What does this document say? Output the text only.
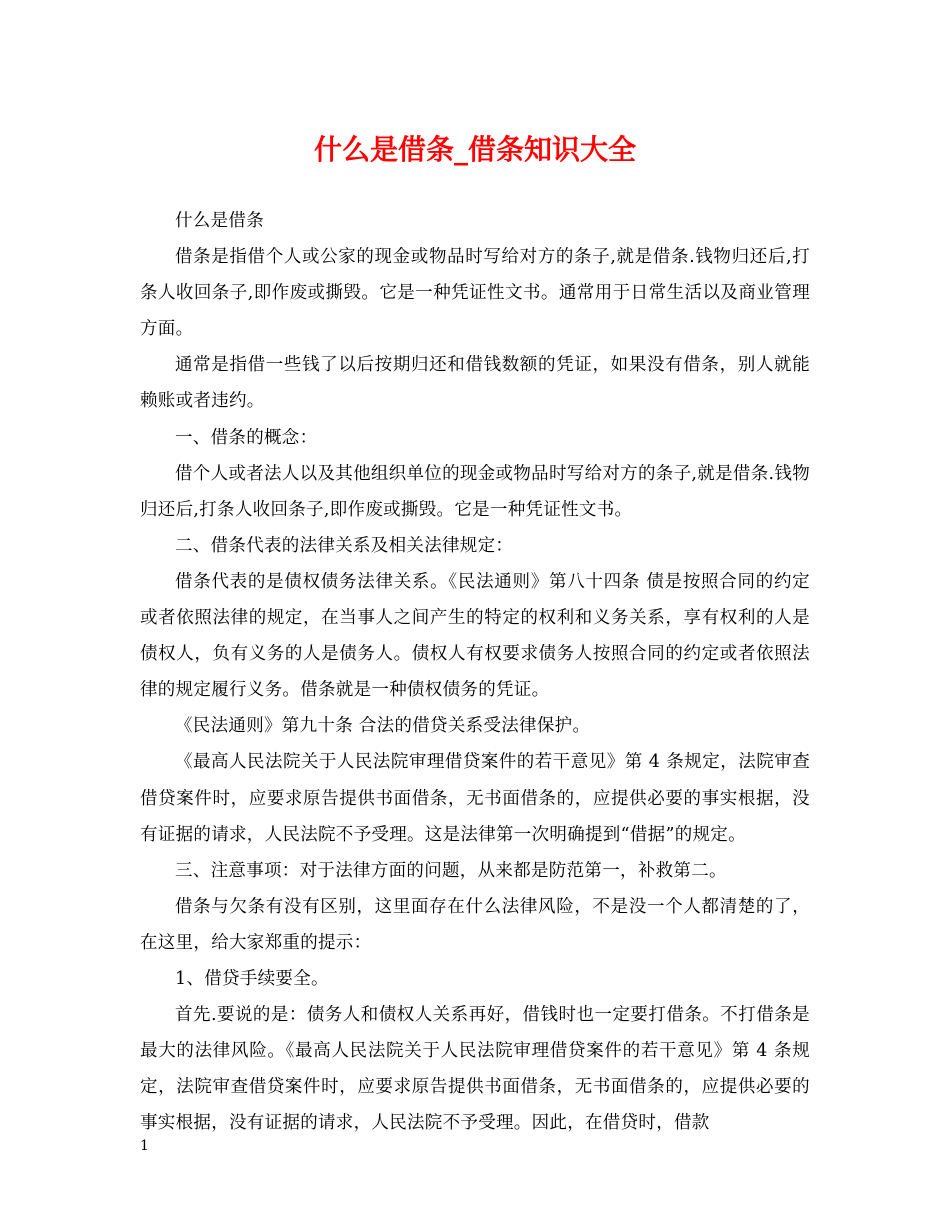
什么是借条_借条知识大全

什么是借条

借条是指借个人或公家的现金或物品时写给对方的条子,就是借条.钱物归还后,打条人收回条子,即作废或撕毁。它是一种凭证性文书。通常用于日常生活以及商业管理方面。

通常是指借一些钱了以后按期归还和借钱数额的凭证，如果没有借条，别人就能赖账或者违约。

一、借条的概念：

借个人或者法人以及其他组织单位的现金或物品时写给对方的条子,就是借条.钱物归还后,打条人收回条子,即作废或撕毁。它是一种凭证性文书。

二、借条代表的法律关系及相关法律规定：

借条代表的是债权债务法律关系。《民法通则》第八十四条 债是按照合同的约定或者依照法律的规定，在当事人之间产生的特定的权利和义务关系，享有权利的人是债权人，负有义务的人是债务人。债权人有权要求债务人按照合同的约定或者依照法律的规定履行义务。借条就是一种债权债务的凭证。

《民法通则》第九十条 合法的借贷关系受法律保护。

《最高人民法院关于人民法院审理借贷案件的若干意见》第 4 条规定，法院审查借贷案件时，应要求原告提供书面借条，无书面借条的，应提供必要的事实根据，没有证据的请求，人民法院不予受理。这是法律第一次明确提到“借据”的规定。

三、注意事项：对于法律方面的问题，从来都是防范第一，补救第二。

借条与欠条有没有区别，这里面存在什么法律风险，不是没一个人都清楚的了，在这里，给大家郑重的提示：

1、借贷手续要全。

首先.要说的是：债务人和债权人关系再好，借钱时也一定要打借条。不打借条是最大的法律风险。《最高人民法院关于人民法院审理借贷案件的若干意见》第 4 条规定，法院审查借贷案件时，应要求原告提供书面借条，无书面借条的，应提供必要的事实根据，没有证据的请求，人民法院不予受理。因此，在借贷时，借款

1
